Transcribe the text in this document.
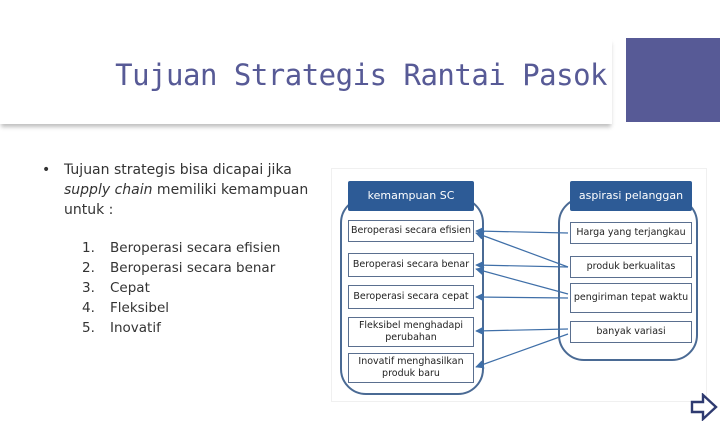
Tujuan Strategis Rantai Pasok
• Tujuan strategis bisa dicapai jika supply chain memiliki kemampuan untuk :
1.	Beroperasi secara efisien
2.	Beroperasi secara benar
3.	Cepat
4.	Fleksibel
5.	Inovatif
kemampuan SC	aspirasi pelanggan
Beroperasi secara efisien
Beroperasi secara benar
Beroperasi secara cepat
Fleksibel menghadapi perubahan
Inovatif menghasilkan produk baru
Harga yang terjangkau
produk berkualitas
pengiriman tepat waktu
banyak variasi
